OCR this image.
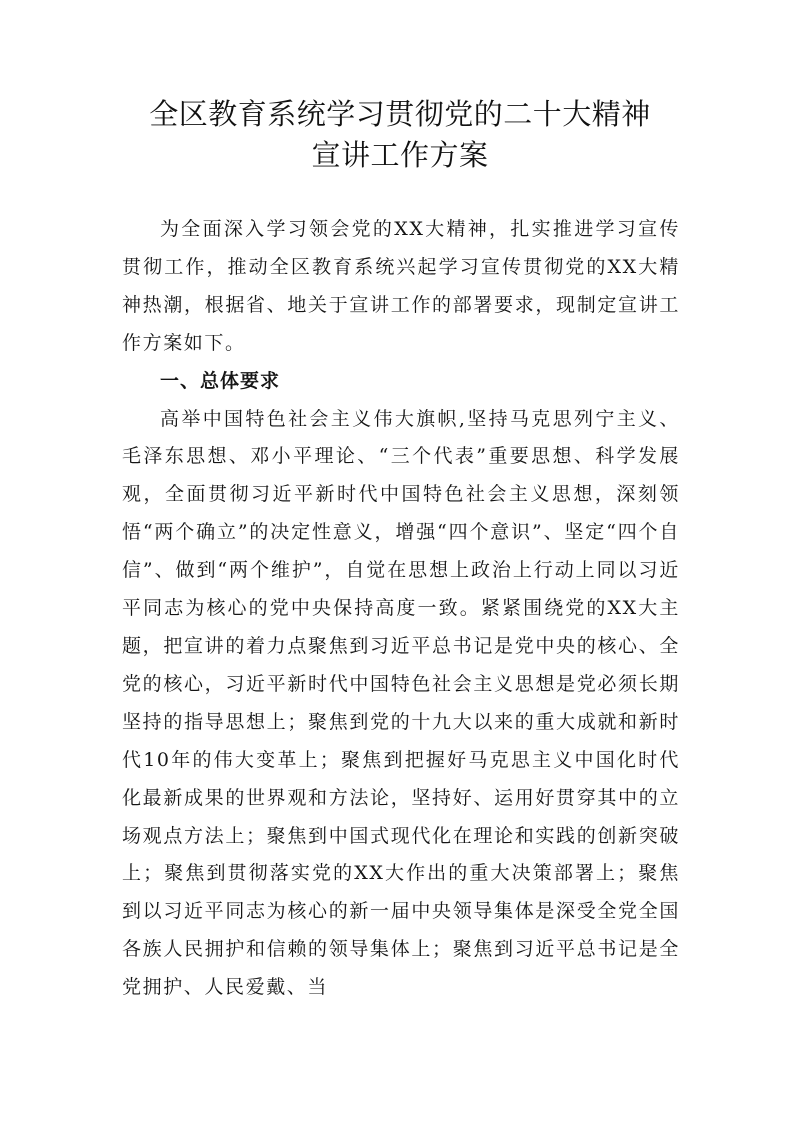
全区教育系统学习贯彻党的二十大精神
宣讲工作方案

为全面深入学习领会党的XX大精神，扎实推进学习宣传贯彻工作，推动全区教育系统兴起学习宣传贯彻党的XX大精神热潮，根据省、地关于宣讲工作的部署要求，现制定宣讲工作方案如下。

一、总体要求

高举中国特色社会主义伟大旗帜,坚持马克思列宁主义、毛泽东思想、邓小平理论、“三个代表”重要思想、科学发展观，全面贯彻习近平新时代中国特色社会主义思想，深刻领悟“两个确立”的决定性意义，增强“四个意识”、坚定“四个自信”、做到“两个维护”，自觉在思想上政治上行动上同以习近平同志为核心的党中央保持高度一致。紧紧围绕党的XX大主题，把宣讲的着力点聚焦到习近平总书记是党中央的核心、全党的核心，习近平新时代中国特色社会主义思想是党必须长期坚持的指导思想上；聚焦到党的十九大以来的重大成就和新时代10年的伟大变革上；聚焦到把握好马克思主义中国化时代化最新成果的世界观和方法论，坚持好、运用好贯穿其中的立场观点方法上；聚焦到中国式现代化在理论和实践的创新突破上；聚焦到贯彻落实党的XX大作出的重大决策部署上；聚焦到以习近平同志为核心的新一届中央领导集体是深受全党全国各族人民拥护和信赖的领导集体上；聚焦到习近平总书记是全党拥护、人民爱戴、当
